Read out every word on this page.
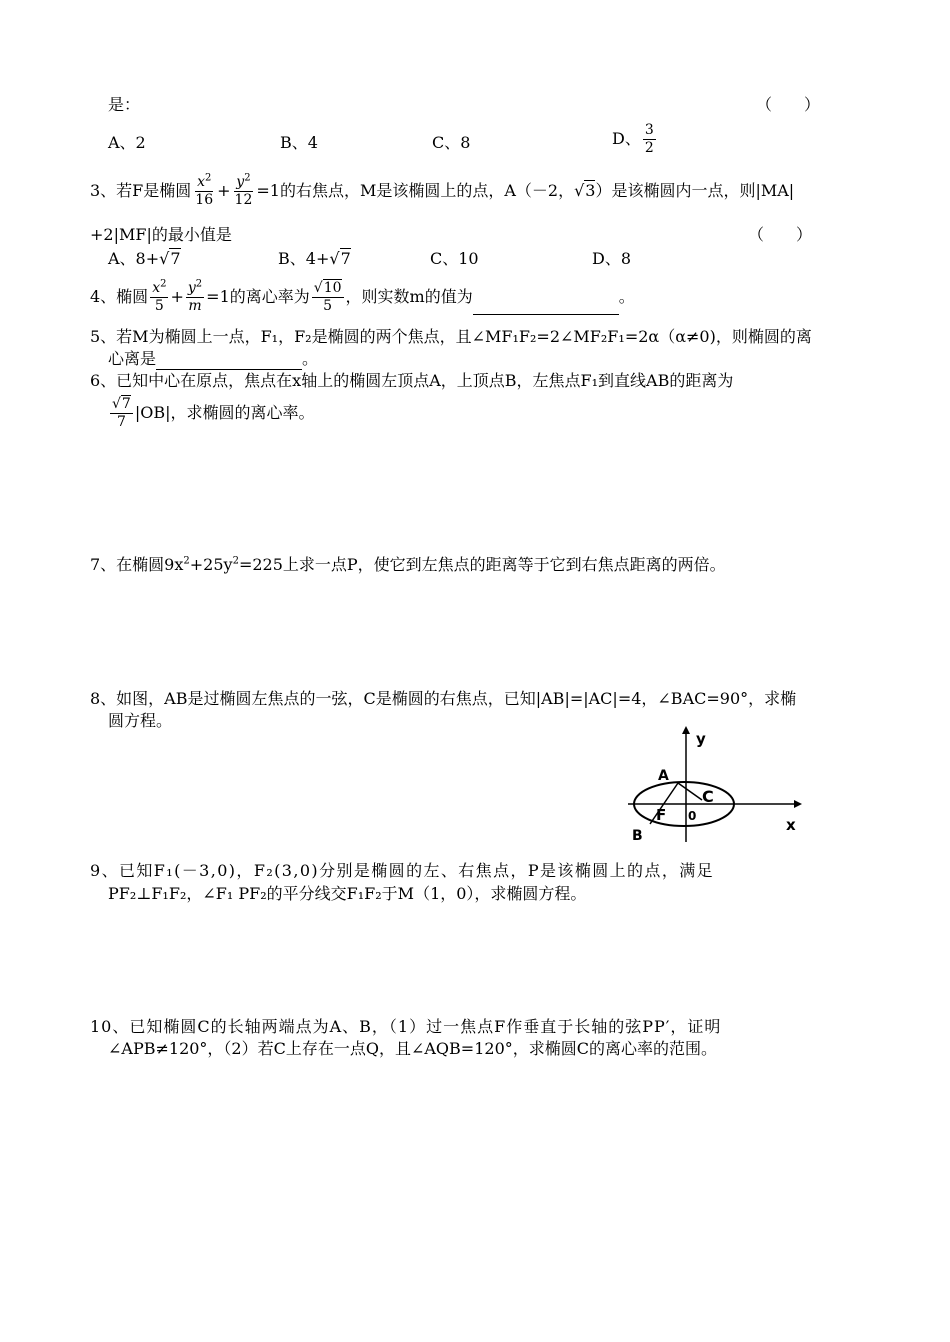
是：	（　　）
A、2	B、4	C、8	D、 $\frac{3}{2}$
3、若F是椭圆 $\frac{x^2}{16} + \frac{y^2}{12} =1$的右焦点，M是该椭圆上的点，A（－2，√3）是该椭圆内一点，则|MA|
+2|MF|的最小值是	（　　）
A、8+√7	B、4+√7	C、10	D、8
4、椭圆 $\frac{x^2}{5} + \frac{y^2}{m} =1$的离心率为 $\frac{√10}{5}$ ，则实数m的值为	。
5、若M为椭圆上一点，F₁，F₂是椭圆的两个焦点，且∠MF₁F₂=2∠MF₂F₁=2α（α≠0)，则椭圆的离
心离是	。
6、已知中心在原点，焦点在x轴上的椭圆左顶点A，上顶点B，左焦点F₁到直线AB的距离为
$\frac{√7}{7} |OB|$，求椭圆的离心率。
7、在椭圆$9x^2+25y^2=225$上求一点P，使它到左焦点的距离等于它到右焦点距离的两倍。
8、如图，AB是过椭圆左焦点的一弦，C是椭圆的右焦点，已知|AB|=|AC|=4，∠BAC=90°，求椭
圆方程。
y
x
A
B
C
F 0
9、已知F₁(－3,0)，F₂(3,0)分别是椭圆的左、右焦点，P是该椭圆上的点，满足
PF₂⊥F₁F₂，∠F₁ PF₂的平分线交F₁F₂于M（1，0），求椭圆方程。
10、已知椭圆C的长轴两端点为A、B，（1）过一焦点F作垂直于长轴的弦PP′，证明
∠APB≠120°，（2）若C上存在一点Q，且∠AQB=120°，求椭圆C的离心率的范围。
